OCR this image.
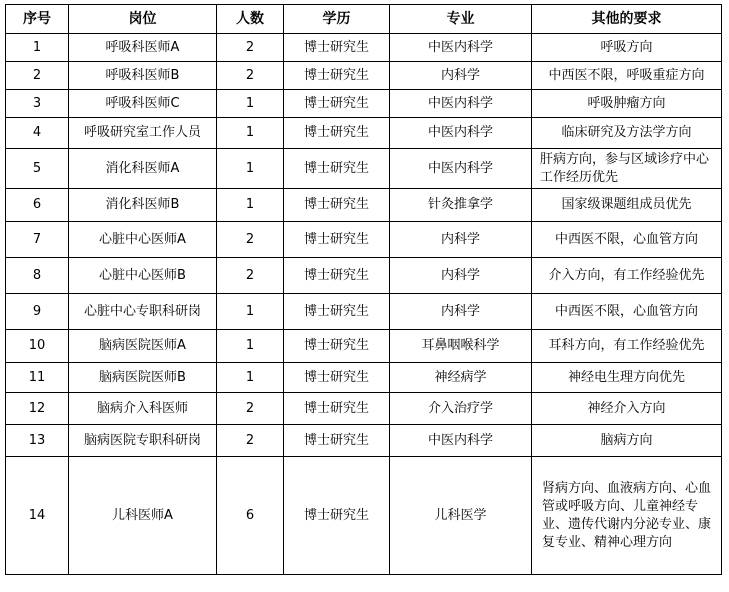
序号	岗位	人数	学历	专业	其他的要求
1	呼吸科医师A	2	博士研究生	中医内科学	呼吸方向
2	呼吸科医师B	2	博士研究生	内科学	中西医不限，呼吸重症方向
3	呼吸科医师C	1	博士研究生	中医内科学	呼吸肿瘤方向
4	呼吸研究室工作人员	1	博士研究生	中医内科学	临床研究及方法学方向
5	消化科医师A	1	博士研究生	中医内科学	肝病方向，参与区域诊疗中心工作经历优先
6	消化科医师B	1	博士研究生	针灸推拿学	国家级课题组成员优先
7	心脏中心医师A	2	博士研究生	内科学	中西医不限，心血管方向
8	心脏中心医师B	2	博士研究生	内科学	介入方向，有工作经验优先
9	心脏中心专职科研岗	1	博士研究生	内科学	中西医不限，心血管方向
10	脑病医院医师A	1	博士研究生	耳鼻咽喉科学	耳科方向，有工作经验优先
11	脑病医院医师B	1	博士研究生	神经病学	神经电生理方向优先
12	脑病介入科医师	2	博士研究生	介入治疗学	神经介入方向
13	脑病医院专职科研岗	2	博士研究生	中医内科学	脑病方向
14	儿科医师A	6	博士研究生	儿科医学	肾病方向、血液病方向、心血管或呼吸方向、儿童神经专业、遗传代谢内分泌专业、康复专业、精神心理方向
